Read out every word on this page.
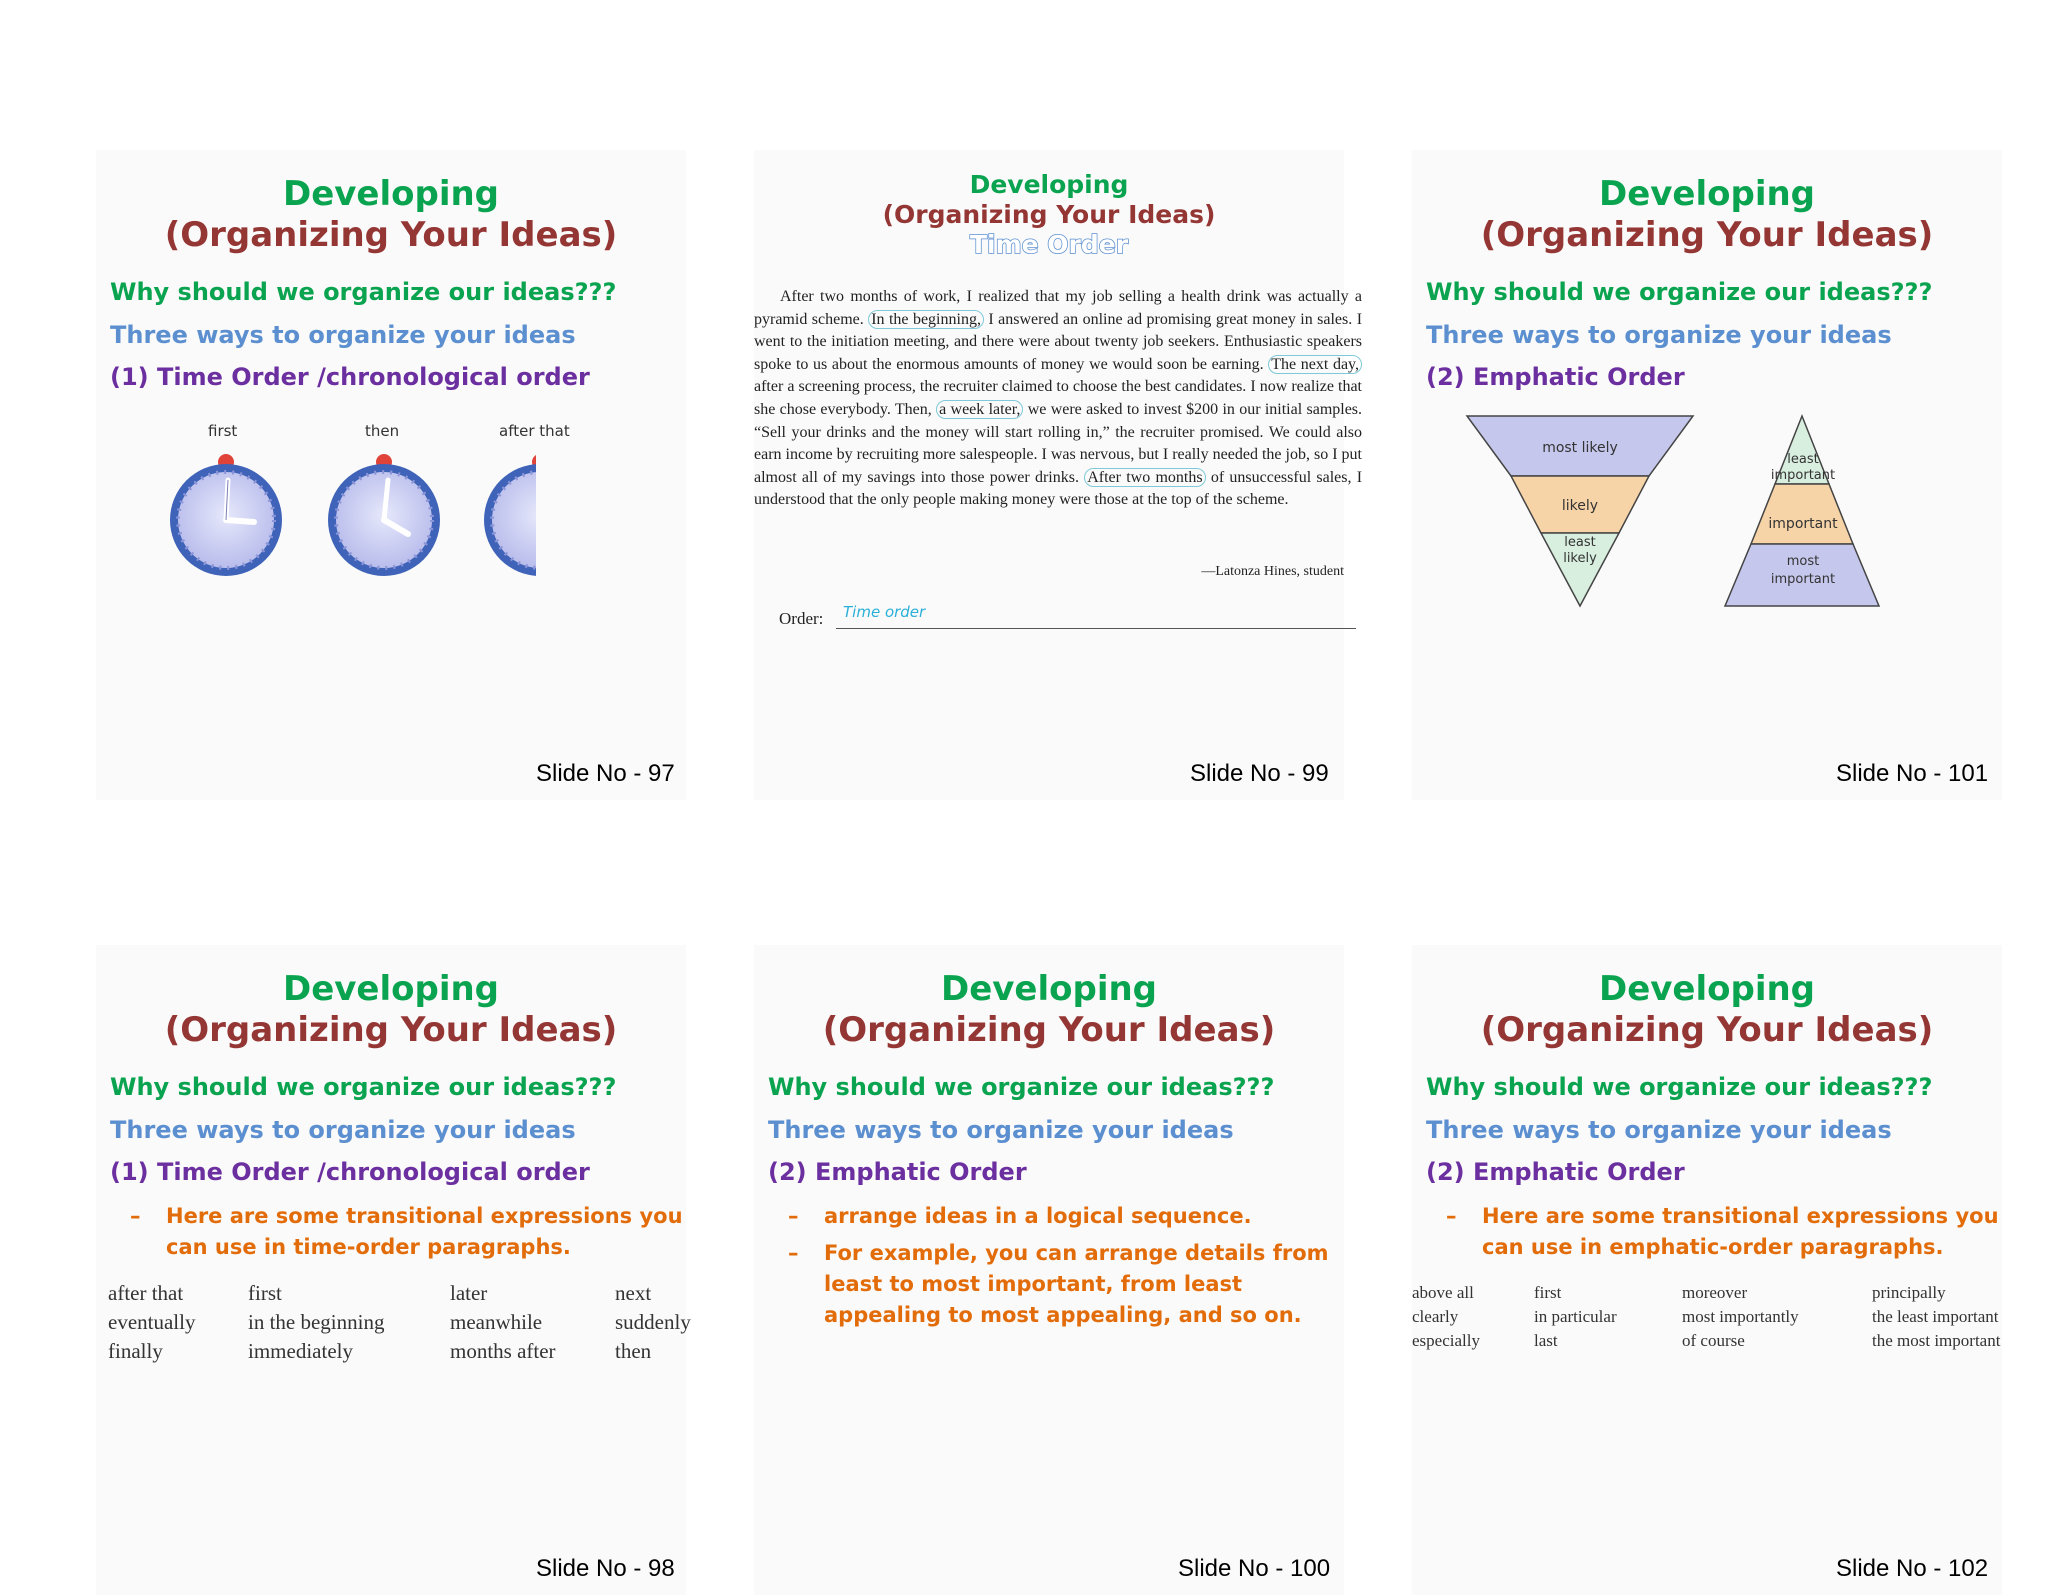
Developing
(Organizing Your Ideas)
Why should we organize our ideas???
Three ways to organize your ideas
(1) Time Order /chronological order
first	then	after that
Slide No - 97
Developing
(Organizing Your Ideas)
Time Order
After two months of work, I realized that my job selling a health drink was actually a pyramid scheme. In the beginning, I answered an online ad promising great money in sales. I went to the initiation meeting, and there were about twenty job seekers. Enthusiastic speakers spoke to us about the enormous amounts of money we would soon be earning. The next day, after a screening process, the recruiter claimed to choose the best candidates. I now realize that she chose everybody. Then, a week later, we were asked to invest $200 in our initial samples. “Sell your drinks and the money will start rolling in,” the recruiter promised. We could also earn income by recruiting more salespeople. I was nervous, but I really needed the job, so I put almost all of my savings into those power drinks. After two months of unsuccessful sales, I understood that the only people making money were those at the top of the scheme.
—Latonza Hines, student
Order: Time order
Slide No - 99
Developing
(Organizing Your Ideas)
Why should we organize our ideas???
Three ways to organize your ideas
(2) Emphatic Order
most likely
likely
least likely
least important
important
most important
Slide No - 101
Developing
(Organizing Your Ideas)
Why should we organize our ideas???
Three ways to organize your ideas
(1) Time Order /chronological order
– Here are some transitional expressions you can use in time-order paragraphs.
after that
eventually
finally
first
in the beginning
immediately
later
meanwhile
months after
next
suddenly
then
Slide No - 98
Developing
(Organizing Your Ideas)
Why should we organize our ideas???
Three ways to organize your ideas
(2) Emphatic Order
– arrange ideas in a logical sequence.
– For example, you can arrange details from least to most important, from least appealing to most appealing, and so on.
Slide No - 100
Developing
(Organizing Your Ideas)
Why should we organize our ideas???
Three ways to organize your ideas
(2) Emphatic Order
– Here are some transitional expressions you can use in emphatic-order paragraphs.
above all
clearly
especially
first
in particular
last
moreover
most importantly
of course
principally
the least important
the most important
Slide No - 102
